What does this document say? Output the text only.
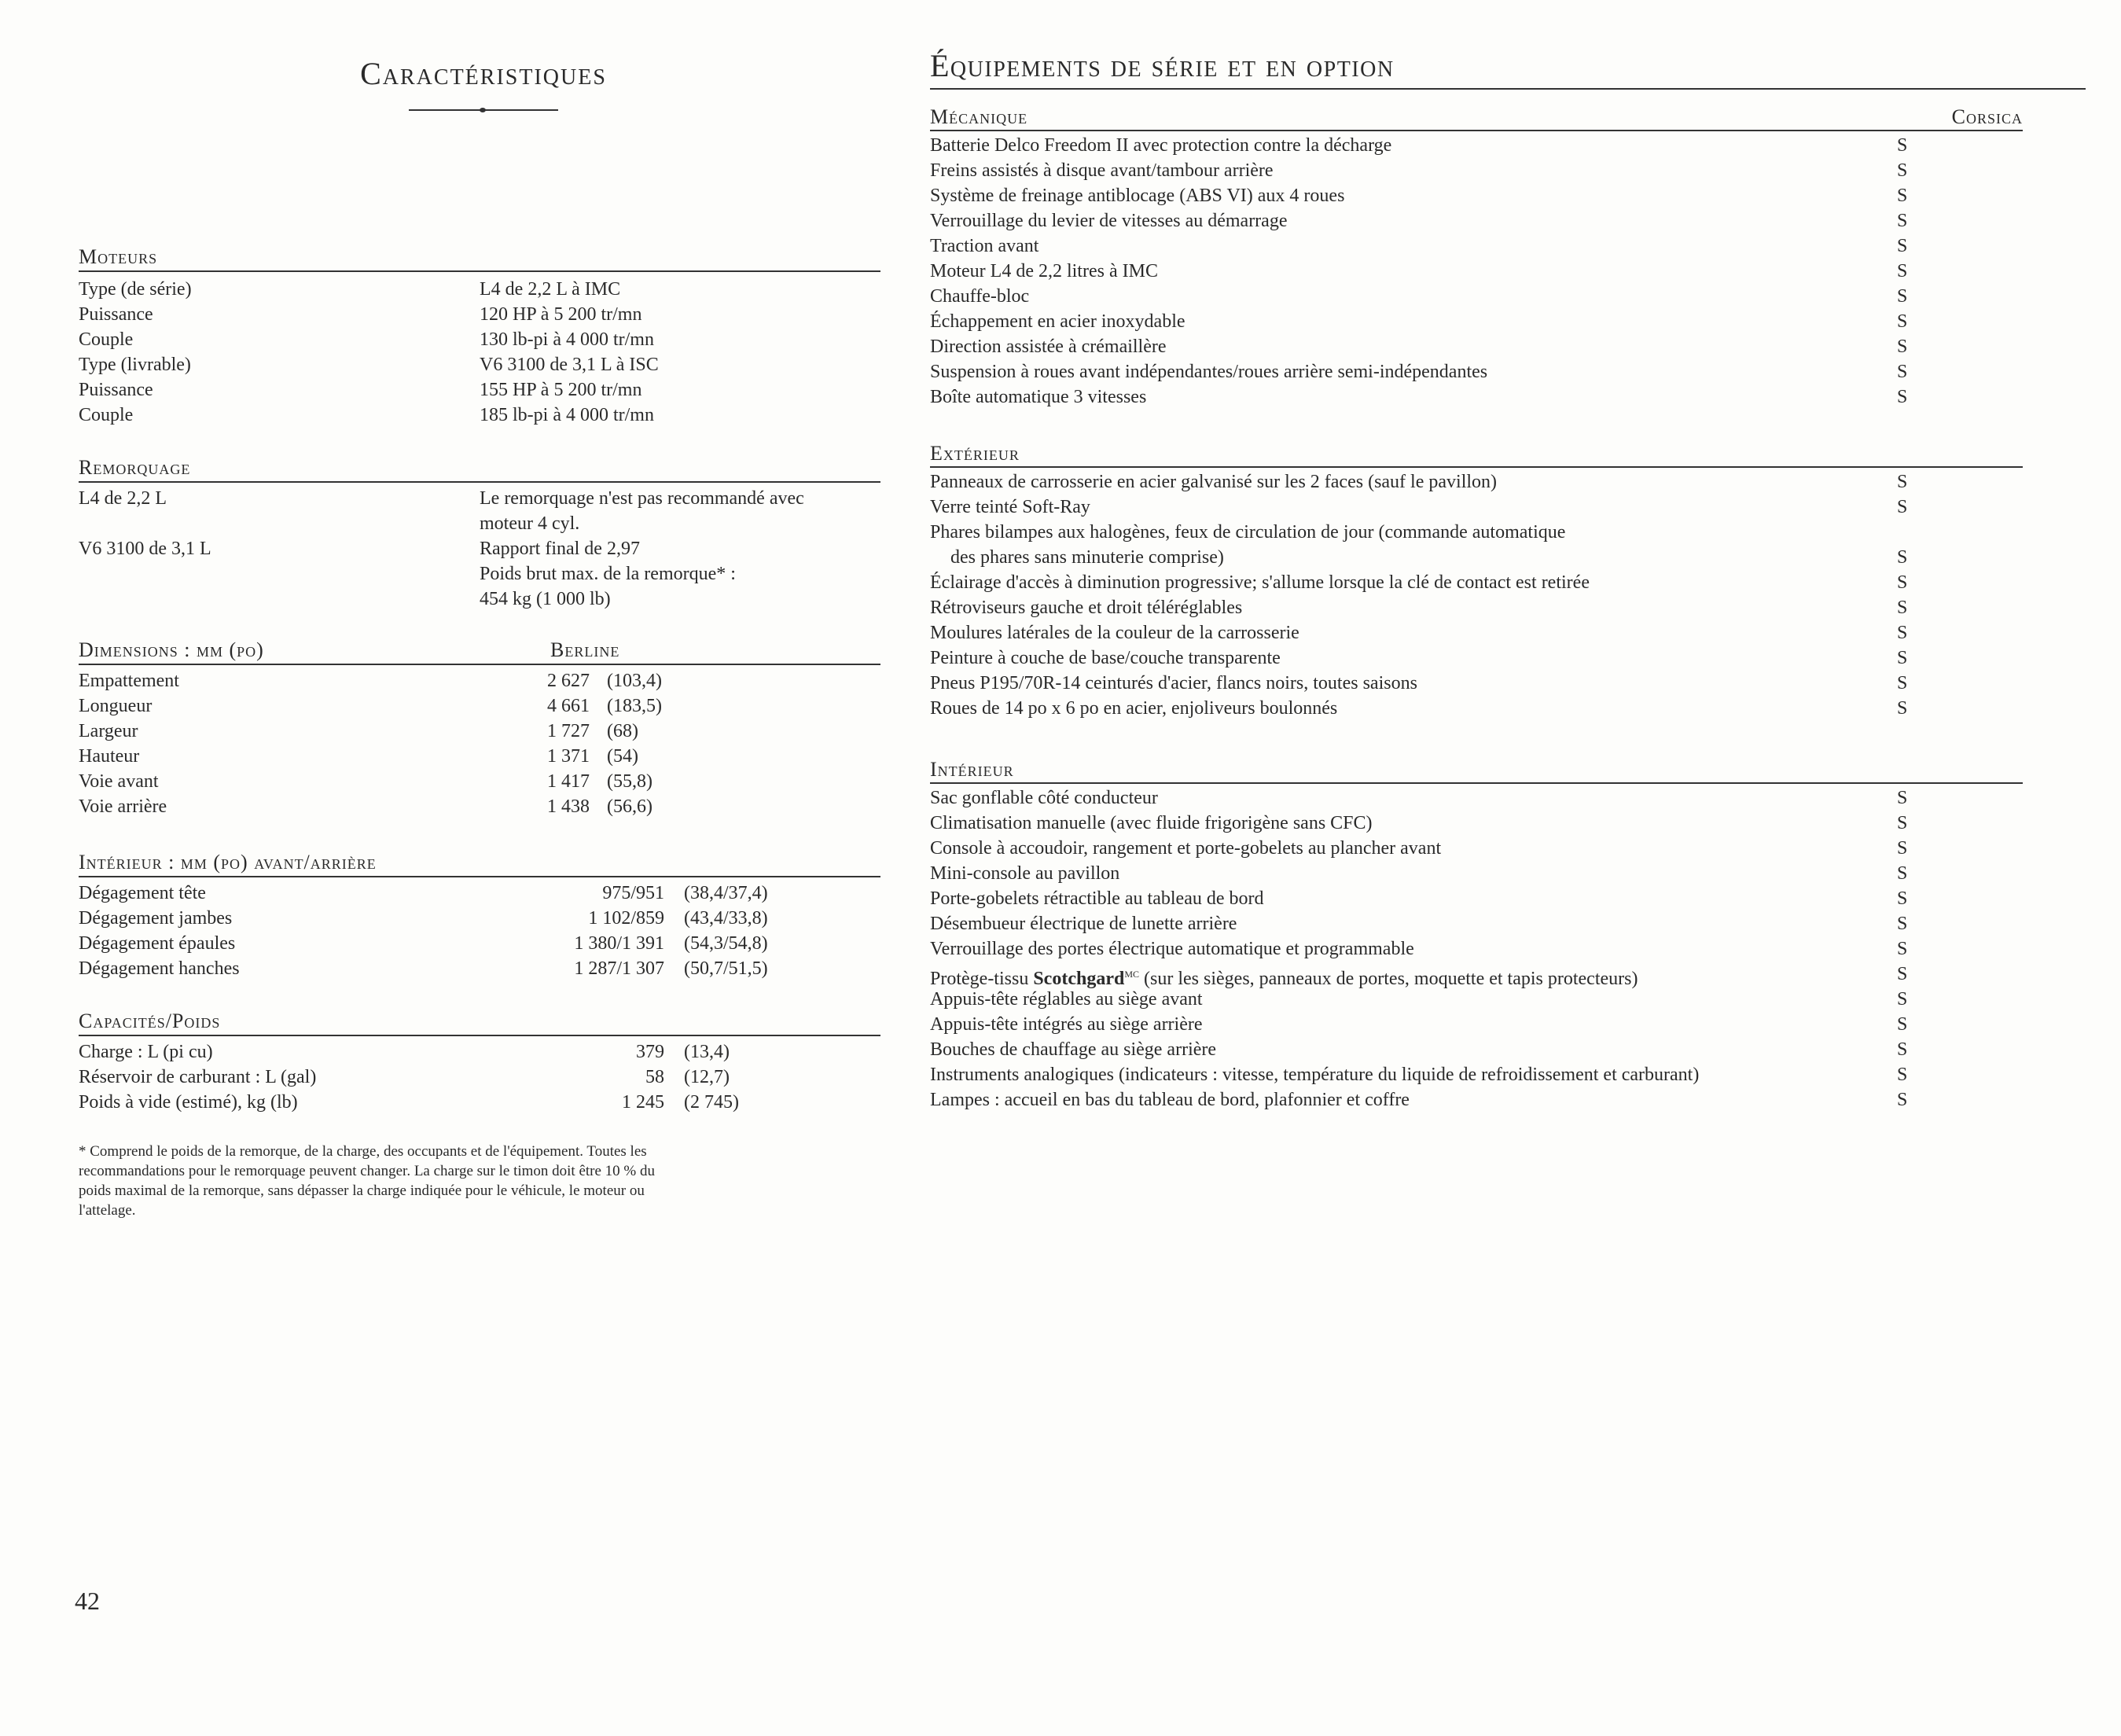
Caractéristiques
Moteurs
Type (de série)	L4 de 2,2 L à IMC
Puissance	120 HP à 5 200 tr/mn
Couple	130 lb-pi à 4 000 tr/mn
Type (livrable)	V6 3100 de 3,1 L à ISC
Puissance	155 HP à 5 200 tr/mn
Couple	185 lb-pi à 4 000 tr/mn
Remorquage
L4 de 2,2 L	Le remorquage n'est pas recommandé avec
moteur 4 cyl.
V6 3100 de 3,1 L	Rapport final de 2,97
Poids brut max. de la remorque* :
454 kg (1 000 lb)
Dimensions : mm (po)	Berline
Empattement	2 627 (103,4)
Longueur	4 661 (183,5)
Largeur	1 727 (68)
Hauteur	1 371 (54)
Voie avant	1 417 (55,8)
Voie arrière	1 438 (56,6)
Intérieur : mm (po) avant/arrière
Dégagement tête	975/951 (38,4/37,4)
Dégagement jambes	1 102/859 (43,4/33,8)
Dégagement épaules	1 380/1 391 (54,3/54,8)
Dégagement hanches	1 287/1 307 (50,7/51,5)
Capacités/Poids
Charge : L (pi cu)	379 (13,4)
Réservoir de carburant : L (gal)	58 (12,7)
Poids à vide (estimé), kg (lb)	1 245 (2 745)
* Comprend le poids de la remorque, de la charge, des occupants et de l'équipement. Toutes les
recommandations pour le remorquage peuvent changer. La charge sur le timon doit être 10 % du
poids maximal de la remorque, sans dépasser la charge indiquée pour le véhicule, le moteur ou
l'attelage.
42
Équipements de série et en option
Mécanique	Corsica
Batterie Delco Freedom II avec protection contre la décharge	S
Freins assistés à disque avant/tambour arrière	S
Système de freinage antiblocage (ABS VI) aux 4 roues	S
Verrouillage du levier de vitesses au démarrage	S
Traction avant	S
Moteur L4 de 2,2 litres à IMC	S
Chauffe-bloc	S
Échappement en acier inoxydable	S
Direction assistée à crémaillère	S
Suspension à roues avant indépendantes/roues arrière semi-indépendantes	S
Boîte automatique 3 vitesses	S
Extérieur
Panneaux de carrosserie en acier galvanisé sur les 2 faces (sauf le pavillon)	S
Verre teinté Soft-Ray	S
Phares bilampes aux halogènes, feux de circulation de jour (commande automatique
des phares sans minuterie comprise)	S
Éclairage d'accès à diminution progressive; s'allume lorsque la clé de contact est retirée	S
Rétroviseurs gauche et droit téléréglables	S
Moulures latérales de la couleur de la carrosserie	S
Peinture à couche de base/couche transparente	S
Pneus P195/70R-14 ceinturés d'acier, flancs noirs, toutes saisons	S
Roues de 14 po x 6 po en acier, enjoliveurs boulonnés	S
Intérieur
Sac gonflable côté conducteur	S
Climatisation manuelle (avec fluide frigorigène sans CFC)	S
Console à accoudoir, rangement et porte-gobelets au plancher avant	S
Mini-console au pavillon	S
Porte-gobelets rétractible au tableau de bord	S
Désembueur électrique de lunette arrière	S
Verrouillage des portes électrique automatique et programmable	S
Protège-tissu Scotchgard$^{MC}$ (sur les sièges, panneaux de portes, moquette et tapis protecteurs)	S
Appuis-tête réglables au siège avant	S
Appuis-tête intégrés au siège arrière	S
Bouches de chauffage au siège arrière	S
Instruments analogiques (indicateurs : vitesse, température du liquide de refroidissement et carburant)	S
Lampes : accueil en bas du tableau de bord, plafonnier et coffre	S
